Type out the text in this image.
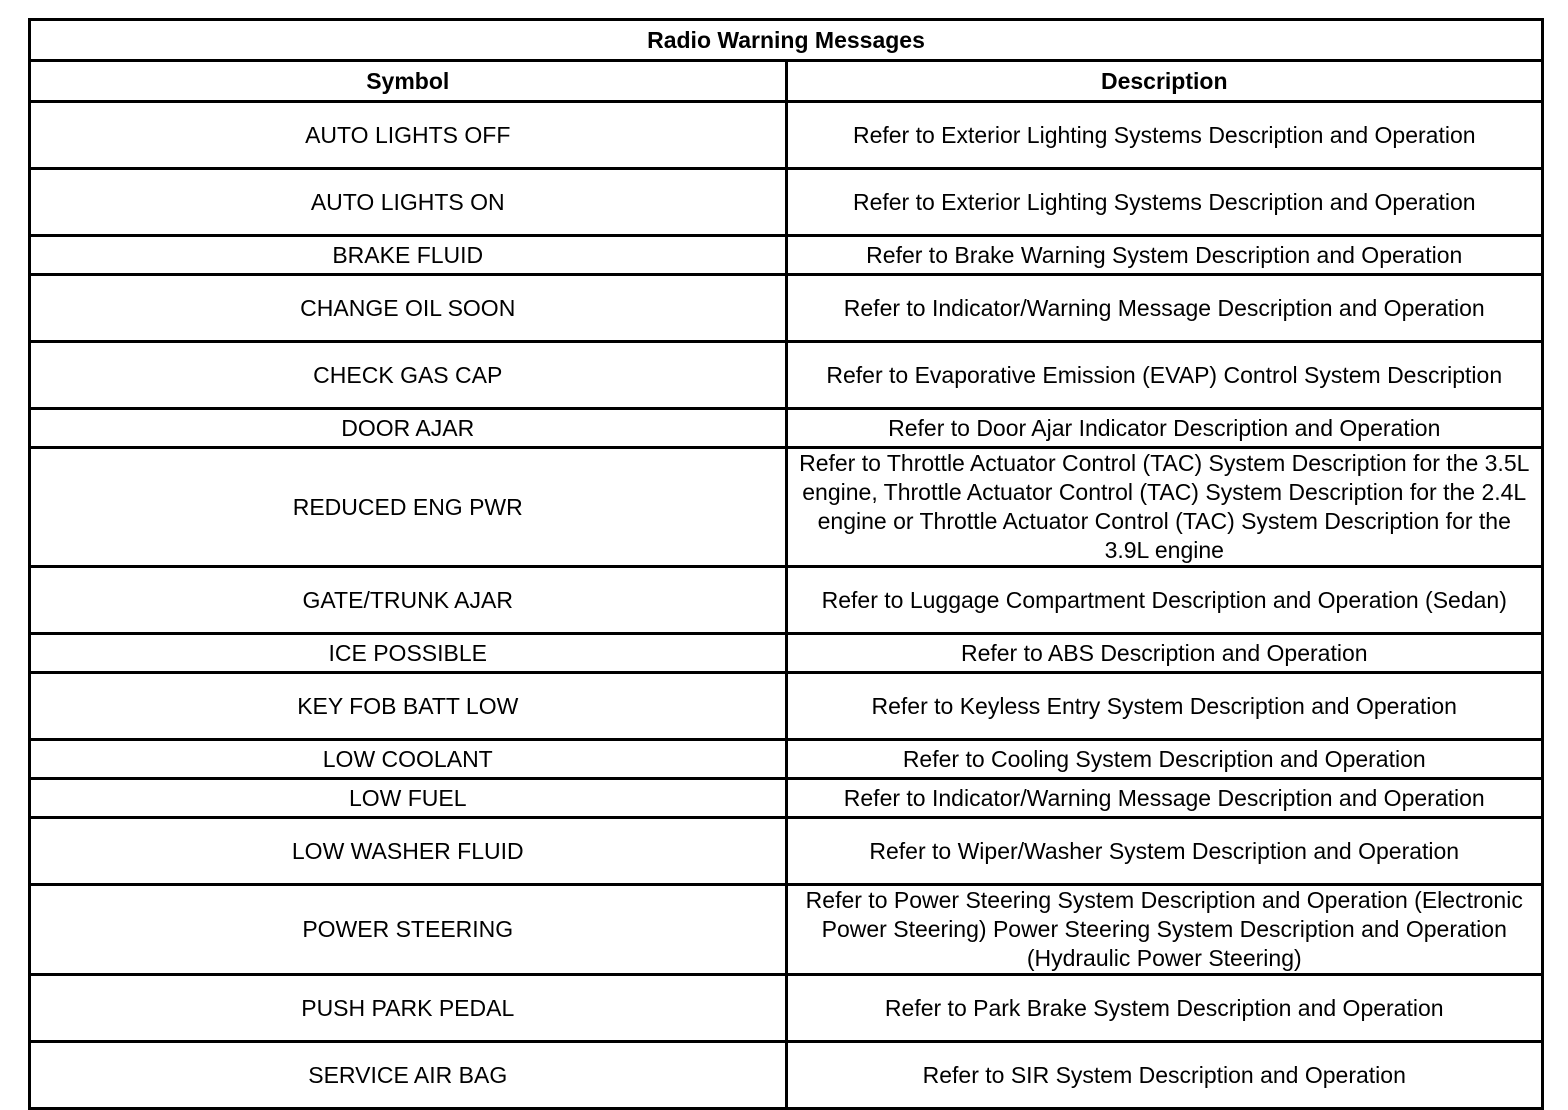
Radio Warning Messages	
Symbol	Description
AUTO LIGHTS OFF	Refer to Exterior Lighting Systems Description and Operation
AUTO LIGHTS ON	Refer to Exterior Lighting Systems Description and Operation
BRAKE FLUID	Refer to Brake Warning System Description and Operation
CHANGE OIL SOON	Refer to Indicator/Warning Message Description and Operation
CHECK GAS CAP	Refer to Evaporative Emission (EVAP) Control System Description
DOOR AJAR	Refer to Door Ajar Indicator Description and Operation
REDUCED ENG PWR	Refer to Throttle Actuator Control (TAC) System Description for the 3.5L engine, Throttle Actuator Control (TAC) System Description for the 2.4L engine or Throttle Actuator Control (TAC) System Description for the 3.9L engine
GATE/TRUNK AJAR	Refer to Luggage Compartment Description and Operation (Sedan)
ICE POSSIBLE	Refer to ABS Description and Operation
KEY FOB BATT LOW	Refer to Keyless Entry System Description and Operation
LOW COOLANT	Refer to Cooling System Description and Operation
LOW FUEL	Refer to Indicator/Warning Message Description and Operation
LOW WASHER FLUID	Refer to Wiper/Washer System Description and Operation
POWER STEERING	Refer to Power Steering System Description and Operation (Electronic Power Steering) Power Steering System Description and Operation (Hydraulic Power Steering)
PUSH PARK PEDAL	Refer to Park Brake System Description and Operation
SERVICE AIR BAG	Refer to SIR System Description and Operation
